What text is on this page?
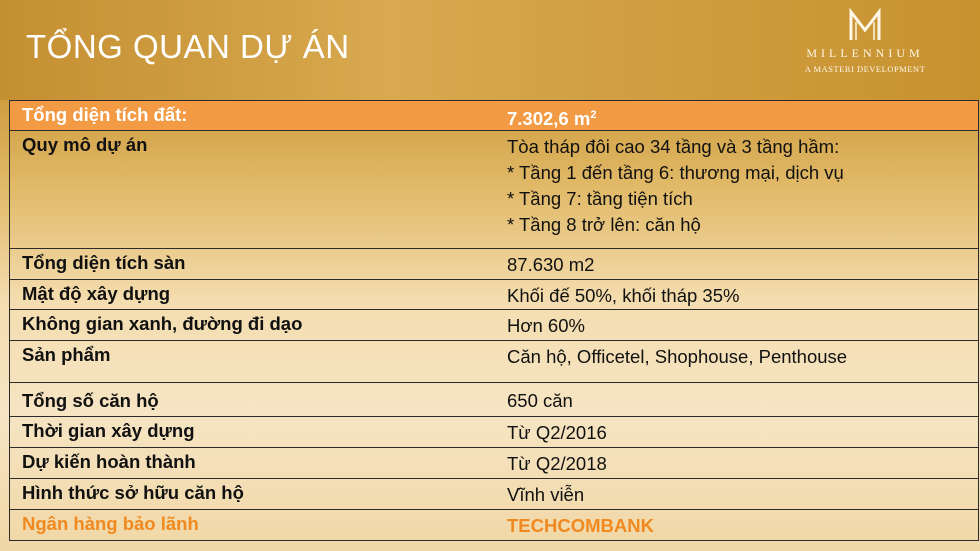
TỔNG QUAN DỰ ÁN	MILLENNIUM
A MASTERI DEVELOPMENT
Tổng diện tích đất:	7.302,6 $m^2$
Quy mô dự án	Tòa tháp đôi cao 34 tầng và 3 tầng hầm:
* Tầng 1 đến tầng 6: thương mại, dịch vụ
* Tầng 7: tầng tiện tích
* Tầng 8 trở lên: căn hộ
Tổng diện tích sàn	87.630 m2
Mật độ xây dựng	Khối đế 50%, khối tháp 35%
Không gian xanh, đường đi dạo	Hơn 60%
Sản phẩm	Căn hộ, Officetel, Shophouse, Penthouse
Tổng số căn hộ	650 căn
Thời gian xây dựng	Từ Q2/2016
Dự kiến hoàn thành	Từ Q2/2018
Hình thức sở hữu căn hộ	Vĩnh viễn
Ngân hàng bảo lãnh	TECHCOMBANK
